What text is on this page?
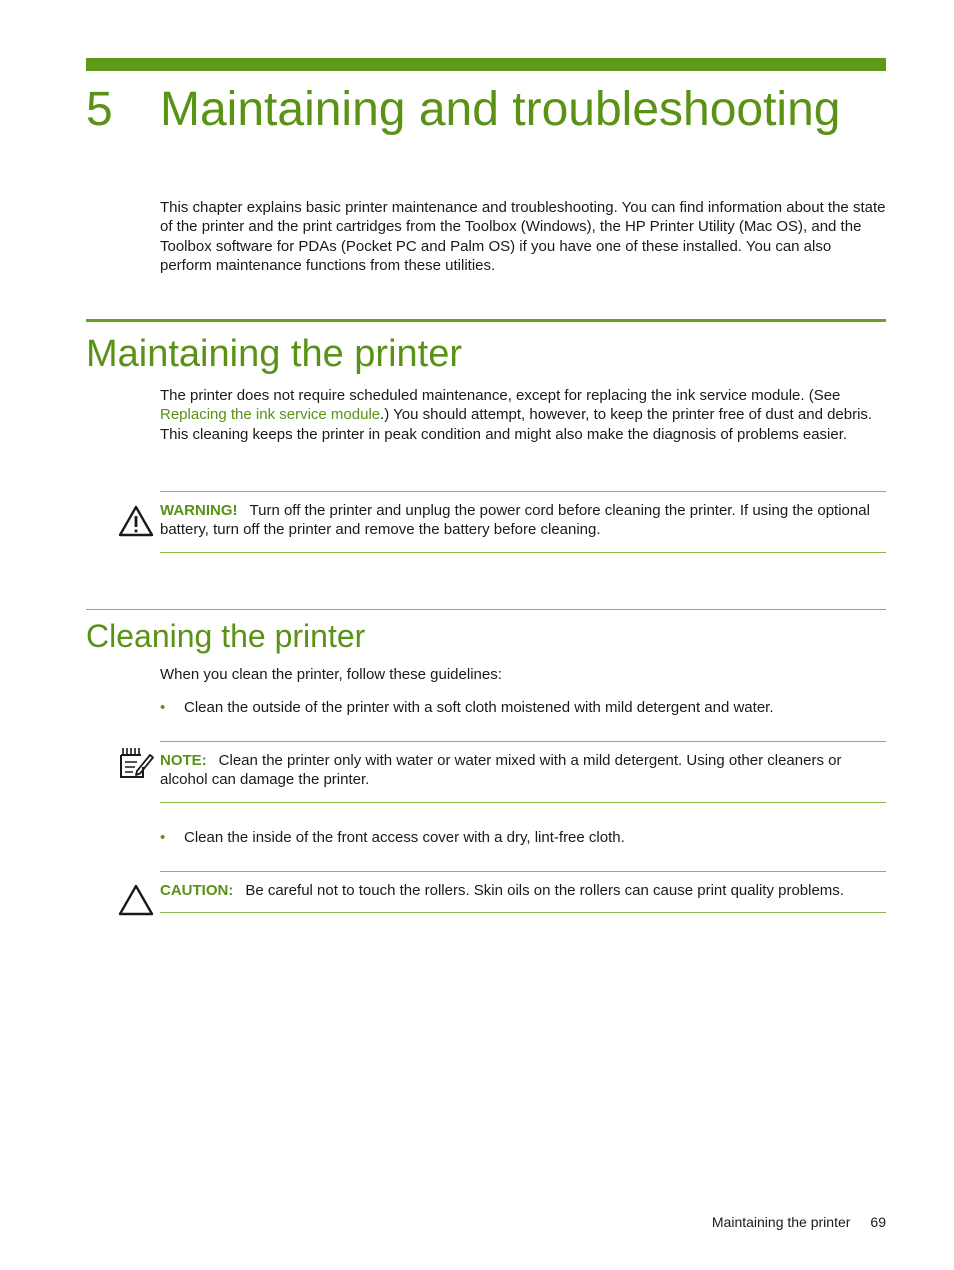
5 Maintaining and troubleshooting
This chapter explains basic printer maintenance and troubleshooting. You can find information about the state of the printer and the print cartridges from the Toolbox (Windows), the HP Printer Utility (Mac OS), and the Toolbox software for PDAs (Pocket PC and Palm OS) if you have one of these installed. You can also perform maintenance functions from these utilities.
Maintaining the printer
The printer does not require scheduled maintenance, except for replacing the ink service module. (See Replacing the ink service module.) You should attempt, however, to keep the printer free of dust and debris. This cleaning keeps the printer in peak condition and might also make the diagnosis of problems easier.
WARNING! Turn off the printer and unplug the power cord before cleaning the printer. If using the optional battery, turn off the printer and remove the battery before cleaning.
Cleaning the printer
When you clean the printer, follow these guidelines:
• Clean the outside of the printer with a soft cloth moistened with mild detergent and water.
NOTE: Clean the printer only with water or water mixed with a mild detergent. Using other cleaners or alcohol can damage the printer.
• Clean the inside of the front access cover with a dry, lint-free cloth.
CAUTION: Be careful not to touch the rollers. Skin oils on the rollers can cause print quality problems.
Maintaining the printer 69
